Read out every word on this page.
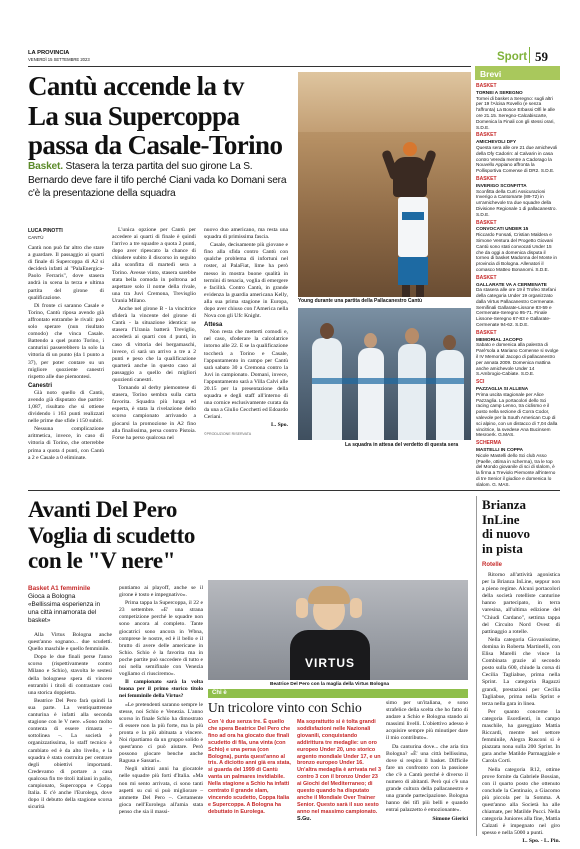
LA PROVINCIA
VENERDÌ 15 SETTEMBRE 2023	Sport 59
Cantù accende la tv
La sua Supercoppa
passa da Casale-Torino
Basket. Stasera la terza partita del suo girone La S. Bernardo deve fare il tifo perché Ciani vada ko Domani sera c'è la presentazione della squadra
LUCA PINOTTI
CANTÙ

Cantù non può far altro che stare a guardare. Il passaggio ai quarti di finale di Supercoppa di A2 si deciderà infatti al "PalaEnergica-Paolo Ferraris", dove stasera andrà in scena la terza e ultima partita del girone di qualificazione.

Di fronte ci saranno Casale e Torino, Cantù riposa avendo già affrontato entrambe le rivali: può solo sperare (nun risultato comodo) che vinca Casale. Battendo a quel punto Torino, i canturini passerebbero la solo la vittoria di un punto (da 1 punto a 37), per poter contare su un migliore quoziente canestri rispetto alle due piemontesi.

Canestri

Già noto quello di Cantù, avendo già disputato due partite: 1,087, risultato che si ottiene dividendo i 163 punti realizzati nelle prime due sfide i 150 subiti.

Nessuna complicazione aritmetica, invece, in caso di vittoria di Torino, che otterrebbe prima a quota 4 punti, con Cantù a 2 e Casale a 0 eliminate.

L'unica opzione per Cantù per accedere ai quarti di finale è quindi l'arrivo a tre squadre a quota 2 punti, dopo aver ripescato la chance di chiudere subito il discorso in seguito alla sconfitta di martedì sera a Torino. Avesse vinto, stasera sarebbe stata bella comoda in poltrona ad aspettare solo il nome della rivale, una tra Juvi Cremona, Trevisglio Urania Milano.

Anche nel girone B - la vincitrice sfiderà la vincente del girone di Cantù - la situazione identica: se stasera l'Urania batterà Treviglio, accederà ai quarti con 4 punti, in caso di vittoria dei bergamaschi, invece, ci sarà un arrivo a tre a 2 punti e peso che la qualificazione quarterà anche in questo caso al passaggio a quello dei migliori quozienti canestri.

Tornando al derby piemontese di stasera, Torino sembra sulla carta favorita. Squadra più lunga ed esperta, è stata la rivelazione dello scorso campionato arrivando a giocarsi la promozione in A2 fino alla finalissima, persa contro Pistoia. Forse ha perso qualcosa nel

nuovo duo americano, ma resta una squadra di primissima fascia.

Casale, decisamente più giovane e fino alla sfida contro Cantù con qualche problema di infortuni nel roster, al PalaFiat, lime ha però messo in mostra buone qualità in termini di tenacia, voglia di emergere e facilità. Contro Cantù, in grande evidenza la guardia americana Kelly, alla sua prima stagione in Europa, dopo aver chiuso con l'America nella Nova con gli Ufc Knight.

Attesa

Non resta che metterti comodi e, nel caso, sfoderare la calcolatrice intorno alle 22. E se la qualificazione toccherà a Torino e Casale, l'appuntamento in campo per Cantù sarà sabato 30 a Cremona contro la Juvi in campionato. Domani, invece, l'appuntamento sarà a Villa Calvi alle 20.15 per la presentazione della squadra e degli staff all'interno di una cornice esclusivamente curata da da una a Giulio Cecchetti ed Edoardo Ceriani.

L. Spo.
©PRODUZIONE RISERVATA
Young durante una partita della Pallacanestro Cantù
La squadra in attesa del verdetto di questa sera
Brevi
BASKET
TORNEI A SEREGNO
Tornei di basket a Seregno: sugli altri per 19 l'Alcisa Rovello (e senza l'affronta) La Bosce Erbassi Olfi le alle ore 21.15. Seregno-Calcabiscarte, Domenica la Finali con gli stessi orari, S.D.E.
BASKET
AMICHEVOLI DFY
Questa sera alle ore 21 due amichevoli della Dfy Cadorin: al Calvarin in casa contro Vereda mentre a Cadorago la Nouvello Appiano affronta la Pollisportiva Comense di DR2. S.D.E.
BASKET
INVERIGO SCONFITTA
Sconfitta della Curti Assicurazioni Inverigo a Cantomarte (89-72) in un'amichevole tra due squadre della Divisione Regionale 1 di pallacanestro. S.D.E.
BASKET
CONVOCATI UNDER 15
Riccardo Fonsati, Cristian Maldera e Simone Ventura del Progetto Giovani Cantù sono stati convocati Under 15 che da oggi a domenica disputa il torneo di basket Madonna del Monte in provincia di Bologna. Allenatori il comasco Matteo Bonanomi. S.D.E.
BASKET
GALLARATE VA A CERMENATE
Da stasera alle ore 19 il Trofeo Stefani della categoria Under 19 organizzato dalla Virtus Pallacanestro Cermenate. Semifinali Gallarate-Lissone 83-59 e Cermenate-Seregno 95-71. Finale Lissone-Seregno 67-83 e Gallarate-Cermenate 94-62. S.D.E.
BASKET
MEMORIAL JACOPO
Sabato e domenica alla palestra di Parè'sola a Mariano Comense si svolge il IV Memorial Jacopo di pallacanestro per annata 2009. Domenica mattina anche amichevole Under 14 S.Ambrogio-Cabiate. S.D.E.
SCI
PAZZAGLIA SI ALLENA
Prima uscita stagionale per Alice Pazzaglia. La portacolori dello Sci racing camp Lenno, tra ciclismo e il posto nella sezione di Corra Codor, valevole per la South American Cup di sci alpino, con un distacco di 7,04 dalla vincitrice, la svedese Ana Bucinsem Mesroerk. G.MAS.
SCHERMA
MASTELLI IN COPPA
Nicole Mastelli dello Sci club Asso (Paelle, ottima in scherma), tra le top del Mondo giovanile di sci di slalom, è la firma a Treviolo Piemonte all'interno di tre Senior il giudice e domenica lo slalom. G. MAS.
Avanti Del Pero
Voglia di scudetto
con le "V nere"
Basket A1 femminile
Gioca a Bologna
«Bellissima esperienza in una città innamorata del basket»

Alla Virtus Bologna anche quest'anno sognano... due scudetti. Quello maschile e quello femminile.

Dopo le due finali perse l'anno scorso (rispettivamente contro Milano e Schio), stavolta le sestesi della bolognese spera di vincere entrambi i titoli di contrastare così una storica doppietta.

Beatrice Del Pero farà quindi la sua parte. La ventiquattrenne canturina è infatti alla seconda stagione con le V nere. «Sono molto contenta di essere rimasta – sottolinea –. La società è organizzatissima, lo staff tecnico è cambiato ed è da alto livello, e la squadra è stata costruita per centrare degli obiettivi importanti. Credevamo di portare a casa qualcosa fin tre titoli italiani in palio, campionato, Supercoppa e Coppa Italia. E c'è anche l'Eurolega, dove dopo il debutto della stagione scorsa sicurità

puntiamo ai playoff, anche se il girone è tosto e impegnativo».

Prima tappa la Supercoppa, il 22 e 23 settembre. «E' una strana competizione perché le squadre non sono ancora al completo. Tante giocatrici sono ancora in Wbna, comprese le nostre, ed è il bello e il brutto di avere delle americane in Schio. Schio è la favorita ma in poche partite può succedere di tutto e noi nella semifinale con Venezia vogliamo ci riusciremo».

Il campionato sarà la volta buona per il primo storico titolo nei femminile della Virtus?

«Le pretendenti saranno sempre le stesse, noi Schio e Venezia. L'anno scorso in finale Schio ha dimostrato di essere non la più forte, ma la più pronta e la più abituata a vincere. Noi ripartiamo da un gruppo solido e quest'anno ci può aiutare. Però possono giocare benche anche Ragusa e Sassari».

Negli ultimi anni ha giocatole nelle squadre più forti d'Italia. «Ma non mi sento arrivata, ci sono tanti aspetti su cui si può migliorare – ammette Del Pero –. Certamente gioca nell'Eurolega all'amia stata penso che sia il massi-

VIRTUS
Beatrice Del Pero con la maglia della Virtus Bologna
Chi è
Un tricolore vinto con Schio
Con 'è due senza tre. È quello che spera Beatrice Del Pero che fino ad ora ha giocato due finali scudetto di fila, una vinta (con Schio) e una persa (con Bologna), punta quest'anno al tris. A diciotto anni già era stata, si guarda del 1999 di Cantù vanta un palmares invidiabile. Nella stagione a Schio ha infatti centrato il grande slam, vincendo scudetto, Coppa Italia e Supercoppa. A Bologna ha debuttato in Eurolega.
Ma soprattutto si è tolta grandi soddisfazioni nelle Nazionali giovanili, conquistando addirittura tre medaglie: un oro europeo Under 20, uno storico argento mondiale Under 17, e un bronzo europeo Under 16. Un'altra medaglia è arrivata nel 3 contro 3 con il bronzo Under 23 ai Giochi del Mediterraneo; di questo quando ha disputato anche il Mondiale Over Trainer Senior. Questo sarà il suo sesto anno nel massimo campionato. S.Gu.

simo per un'italiana, e sono strafelice della scelta che ho fatto di andare a Schio e Bologna stando ai massimi livelli. L'obiettivo adesso è acquisire sempre più minutiper dare il mio contributo».

Da canturina dove... che aria tira Bologna? «È' una città bellissima, dove si respira il basket. Difficile fare un confronto con la passione che c'è a Cantù perché è diverso il numero di abitanti. Però qui c'è una grande cultura della pallacanestro e una grande partecipazione. Bologna hanno dei tifi più belli e quando entrai palazzetto è emozionante».

Simone Gierici
Brianza
InLine
di nuovo
in pista
Rotelle

Ritorno all'attività agonistica per la Brianza InLine, seppur non a pieno regime. Alcuni portacolori della società rotelliste canturine hanno partecipato, in terra varesina, all'ultima edizione del "Chiudi Cardano", settima tappa del Circuito Nord Ovest di pattinaggio a rotelle.

Nella categoria Giovanissime, domina in Roberta Martinelli, con Elisa Marelli che vince la Combinata grazie al secondo posto sulla 600, chiude la corsa di Cecilia Tagliabue, prima nella Sprint. La categoria Ragazzi grandi, prestazioni per Cecilia Tagliabue, prima nella Sprint e terza nella gara in linea.

Per quanto concerne la categoria Esordienti, in campo maschile, ha gareggiato Mattia Riccardi, mentre nel settore femminile, Alegra Rusconi si è piazzata nona sulla 200 Sprint. In gara anche Matilde Parmaggiale e Carola Corti.

Nella categoria R12, ottime prove fornite da Gabriele Bossian, con il quarto posto che ottenuto conclude la Centinaio, a Giacomo più piccola per la Somma. A quest'anno alla Società ha alle chiamate, per Matilde Pucci. Nella categoria Juniores alla fine, Mattia Calzati è impegnato nel giro spesso e nella 5000 a punti.

L. Spo. - L. Pin.
